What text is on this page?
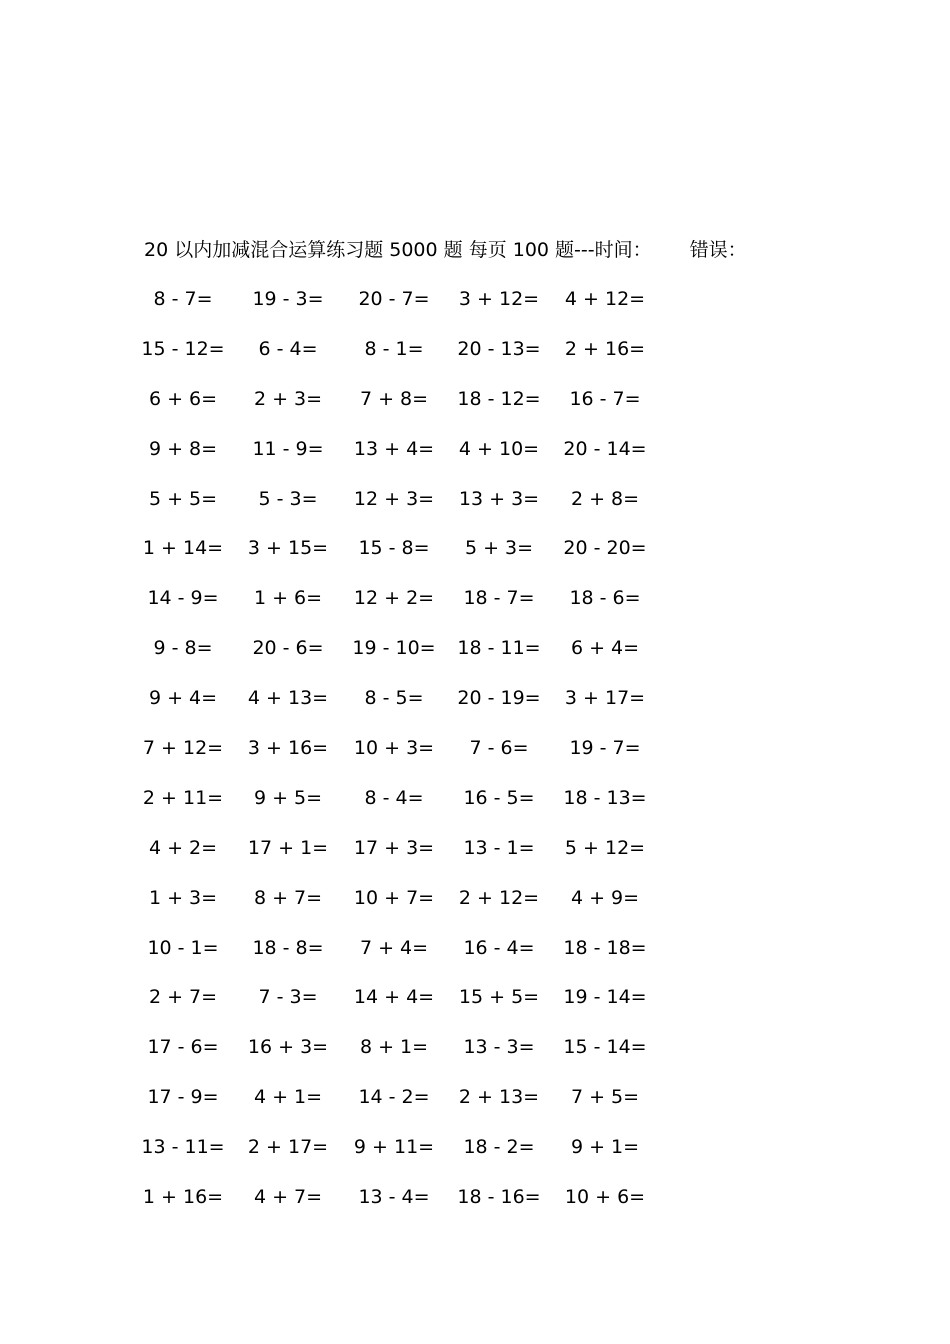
20 以内加减混合运算练习题 5000 题 每页 100 题---时间： 错误：
8 - 7=	19 - 3=	20 - 7=	3 + 12=	4 + 12=
15 - 12=	6 - 4=	8 - 1=	20 - 13=	2 + 16=
6 + 6=	2 + 3=	7 + 8=	18 - 12=	16 - 7=
9 + 8=	11 - 9=	13 + 4=	4 + 10=	20 - 14=
5 + 5=	5 - 3=	12 + 3=	13 + 3=	2 + 8=
1 + 14=	3 + 15=	15 - 8=	5 + 3=	20 - 20=
14 - 9=	1 + 6=	12 + 2=	18 - 7=	18 - 6=
9 - 8=	20 - 6=	19 - 10=	18 - 11=	6 + 4=
9 + 4=	4 + 13=	8 - 5=	20 - 19=	3 + 17=
7 + 12=	3 + 16=	10 + 3=	7 - 6=	19 - 7=
2 + 11=	9 + 5=	8 - 4=	16 - 5=	18 - 13=
4 + 2=	17 + 1=	17 + 3=	13 - 1=	5 + 12=
1 + 3=	8 + 7=	10 + 7=	2 + 12=	4 + 9=
10 - 1=	18 - 8=	7 + 4=	16 - 4=	18 - 18=
2 + 7=	7 - 3=	14 + 4=	15 + 5=	19 - 14=
17 - 6=	16 + 3=	8 + 1=	13 - 3=	15 - 14=
17 - 9=	4 + 1=	14 - 2=	2 + 13=	7 + 5=
13 - 11=	2 + 17=	9 + 11=	18 - 2=	9 + 1=
1 + 16=	4 + 7=	13 - 4=	18 - 16=	10 + 6=
